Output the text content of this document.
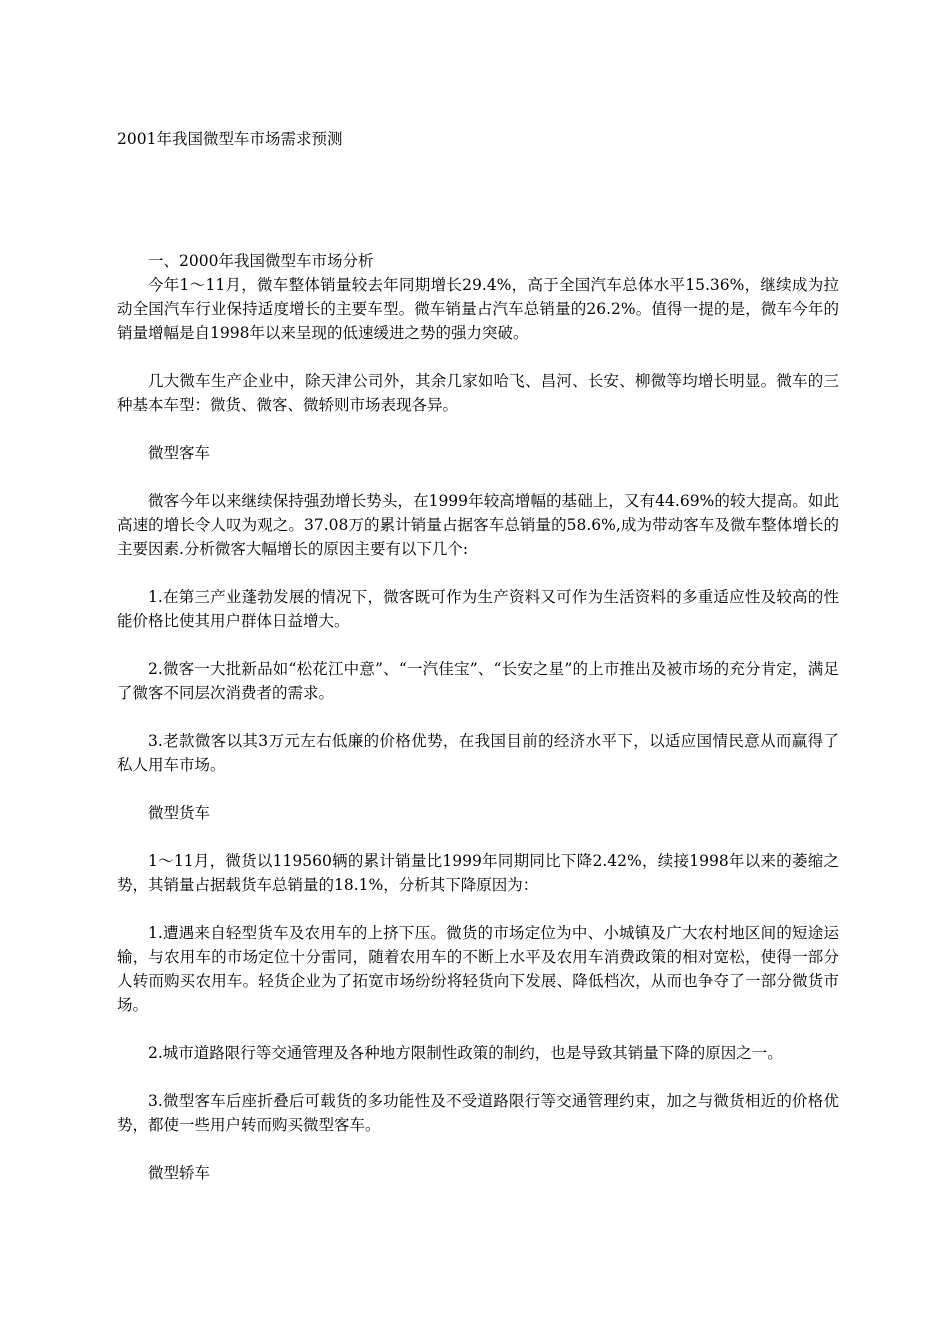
2001年我国微型车市场需求预测

一、2000年我国微型车市场分析

今年1～11月，微车整体销量较去年同期增长29.4%，高于全国汽车总体水平15.36%，继续成为拉动全国汽车行业保持适度增长的主要车型。微车销量占汽车总销量的26.2%。值得一提的是，微车今年的销量增幅是自1998年以来呈现的低速缓进之势的强力突破。

几大微车生产企业中，除天津公司外，其余几家如哈飞、昌河、长安、柳微等均增长明显。微车的三种基本车型：微货、微客、微轿则市场表现各异。

微型客车

微客今年以来继续保持强劲增长势头，在1999年较高增幅的基础上，又有44.69%的较大提高。如此高速的增长令人叹为观之。37.08万的累计销量占据客车总销量的58.6%,成为带动客车及微车整体增长的主要因素.分析微客大幅增长的原因主要有以下几个:

1.在第三产业蓬勃发展的情况下，微客既可作为生产资料又可作为生活资料的多重适应性及较高的性能价格比使其用户群体日益增大。

2.微客一大批新品如“松花江中意”、“一汽佳宝”、“长安之星”的上市推出及被市场的充分肯定，满足了微客不同层次消费者的需求。

3.老款微客以其3万元左右低廉的价格优势，在我国目前的经济水平下，以适应国情民意从而赢得了私人用车市场。

微型货车

1～11月，微货以119560辆的累计销量比1999年同期同比下降2.42%，续接1998年以来的萎缩之势，其销量占据载货车总销量的18.1%，分析其下降原因为：

1.遭遇来自轻型货车及农用车的上挤下压。微货的市场定位为中、小城镇及广大农村地区间的短途运输，与农用车的市场定位十分雷同，随着农用车的不断上水平及农用车消费政策的相对宽松，使得一部分人转而购买农用车。轻货企业为了拓宽市场纷纷将轻货向下发展、降低档次，从而也争夺了一部分微货市场。

2.城市道路限行等交通管理及各种地方限制性政策的制约，也是导致其销量下降的原因之一。

3.微型客车后座折叠后可载货的多功能性及不受道路限行等交通管理约束，加之与微货相近的价格优势，都使一些用户转而购买微型客车。

微型轿车
